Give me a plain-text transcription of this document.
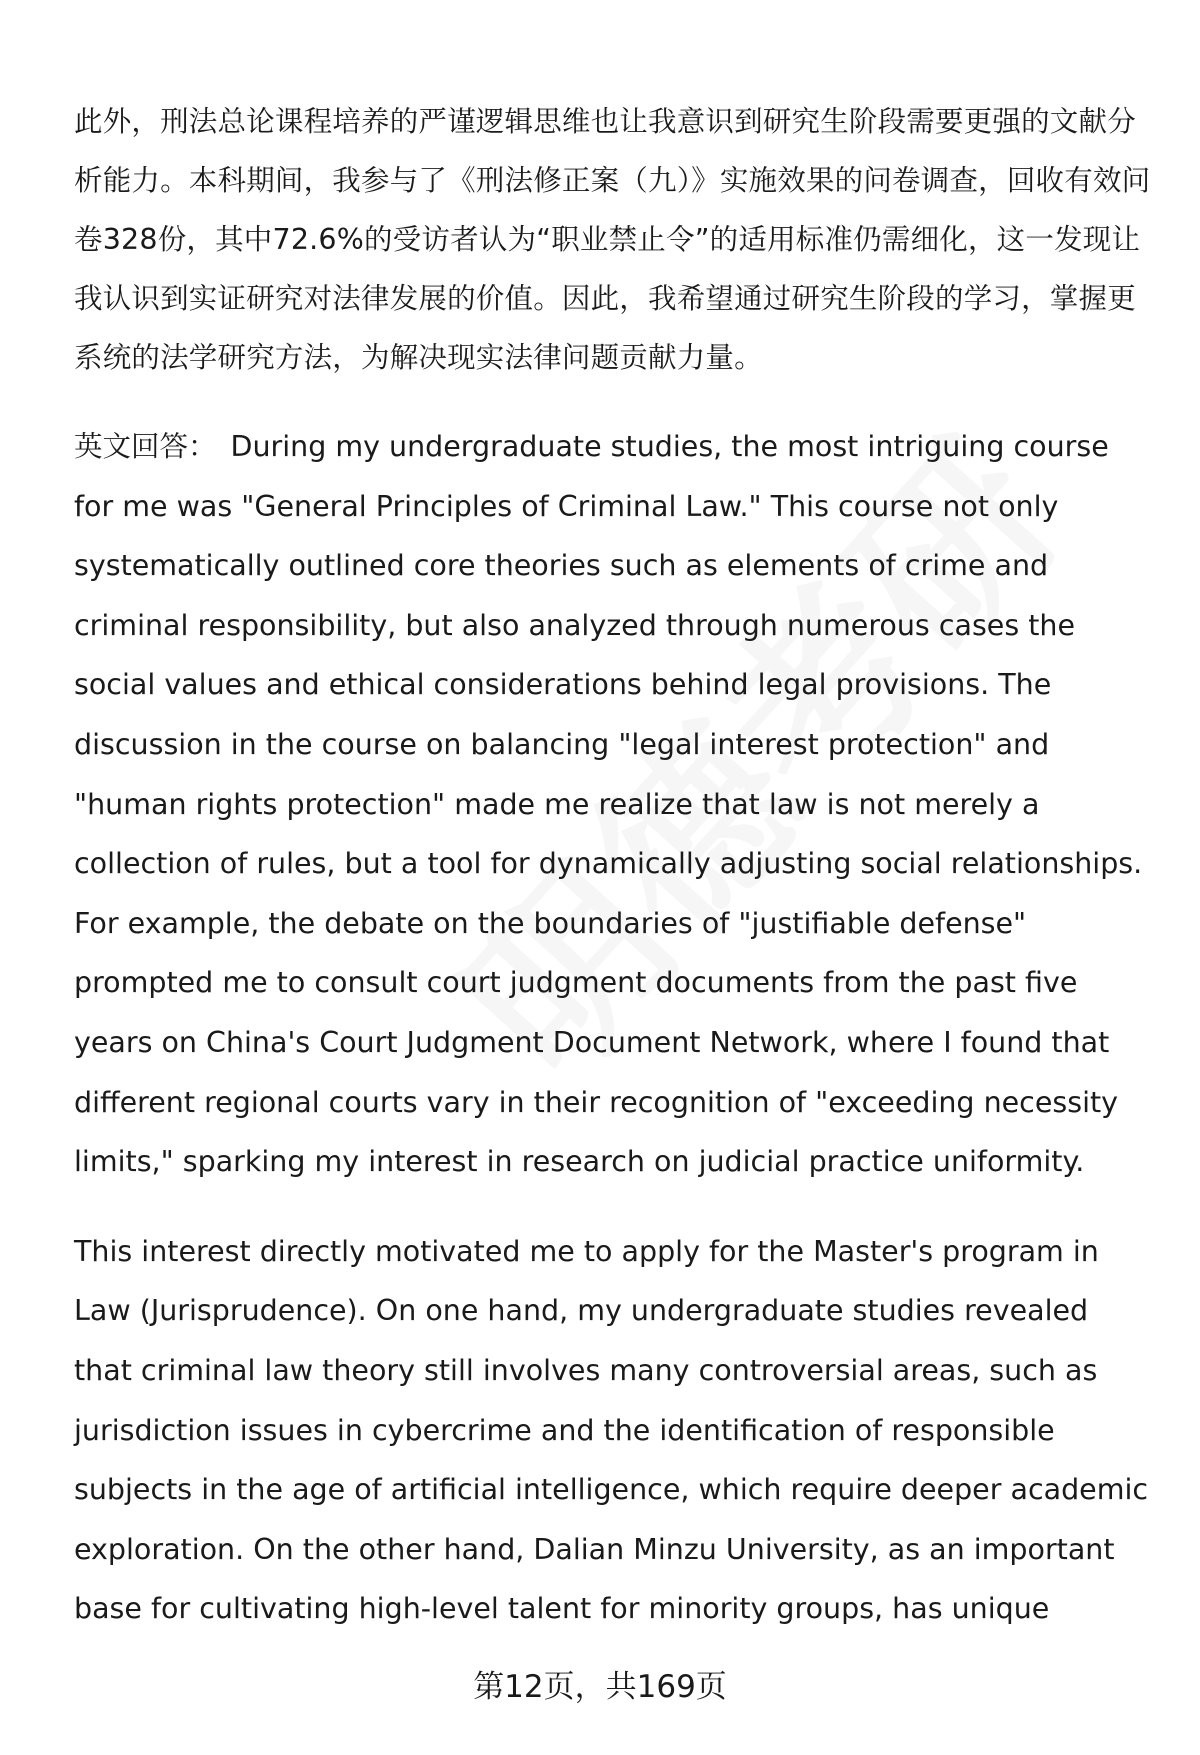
此外，刑法总论课程培养的严谨逻辑思维也让我意识到研究生阶段需要更强的文献分析能力。本科期间，我参与了《刑法修正案（九）》实施效果的问卷调查，回收有效问卷328份，其中72.6%的受访者认为“职业禁止令”的适用标准仍需细化，这一发现让我认识到实证研究对法律发展的价值。因此，我希望通过研究生阶段的学习，掌握更系统的法学研究方法，为解决现实法律问题贡献力量。

英文回答： During my undergraduate studies, the most intriguing course for me was "General Principles of Criminal Law." This course not only systematically outlined core theories such as elements of crime and criminal responsibility, but also analyzed through numerous cases the social values and ethical considerations behind legal provisions. The discussion in the course on balancing "legal interest protection" and "human rights protection" made me realize that law is not merely a collection of rules, but a tool for dynamically adjusting social relationships. For example, the debate on the boundaries of "justifiable defense" prompted me to consult court judgment documents from the past five years on China's Court Judgment Document Network, where I found that different regional courts vary in their recognition of "exceeding necessity limits," sparking my interest in research on judicial practice uniformity.

This interest directly motivated me to apply for the Master's program in Law (Jurisprudence). On one hand, my undergraduate studies revealed that criminal law theory still involves many controversial areas, such as jurisdiction issues in cybercrime and the identification of responsible subjects in the age of artificial intelligence, which require deeper academic exploration. On the other hand, Dalian Minzu University, as an important base for cultivating high-level talent for minority groups, has unique

第12页，共169页
